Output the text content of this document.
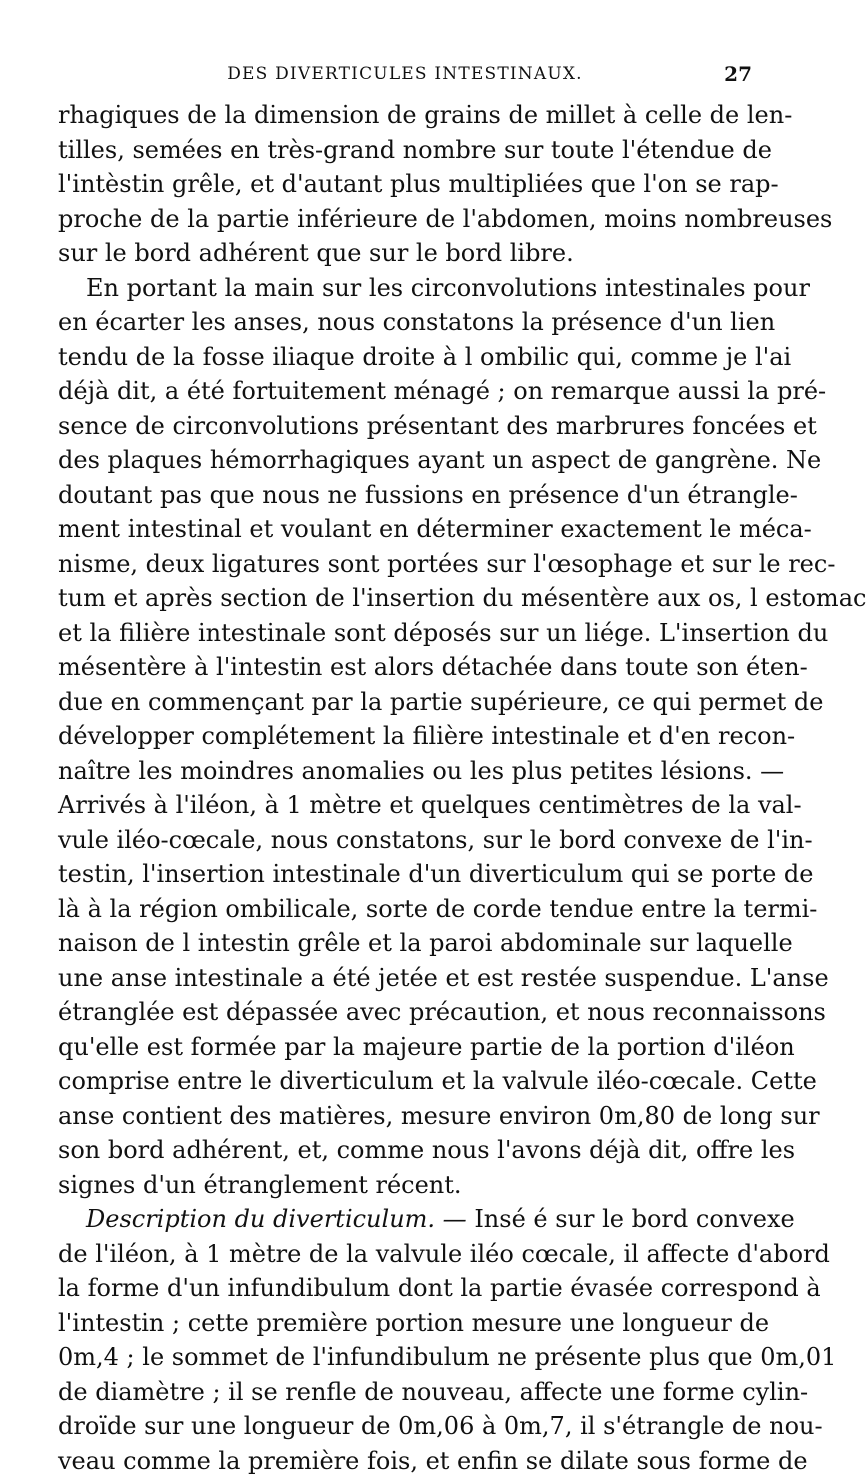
DES DIVERTICULES INTESTINAUX.	27
rhagiques de la dimension de grains de millet à celle de len-
tilles, semées en très-grand nombre sur toute l'étendue de
l'intèstin grêle, et d'autant plus multipliées que l'on se rap-
proche de la partie inférieure de l'abdomen, moins nombreuses
sur le bord adhérent que sur le bord libre.
En portant la main sur les circonvolutions intestinales pour
en écarter les anses, nous constatons la présence d'un lien
tendu de la fosse iliaque droite à l ombilic qui, comme je l'ai
déjà dit, a été fortuitement ménagé ; on remarque aussi la pré-
sence de circonvolutions présentant des marbrures foncées et
des plaques hémorrhagiques ayant un aspect de gangrène. Ne
doutant pas que nous ne fussions en présence d'un étrangle-
ment intestinal et voulant en déterminer exactement le méca-
nisme, deux ligatures sont portées sur l'œsophage et sur le rec-
tum et après section de l'insertion du mésentère aux os, l estomac
et la filière intestinale sont déposés sur un liége. L'insertion du
mésentère à l'intestin est alors détachée dans toute son éten-
due en commençant par la partie supérieure, ce qui permet de
développer complétement la filière intestinale et d'en recon-
naître les moindres anomalies ou les plus petites lésions. —
Arrivés à l'iléon, à 1 mètre et quelques centimètres de la val-
vule iléo-cœcale, nous constatons, sur le bord convexe de l'in-
testin, l'insertion intestinale d'un diverticulum qui se porte de
là à la région ombilicale, sorte de corde tendue entre la termi-
naison de l intestin grêle et la paroi abdominale sur laquelle
une anse intestinale a été jetée et est restée suspendue. L'anse
étranglée est dépassée avec précaution, et nous reconnaissons
qu'elle est formée par la majeure partie de la portion d'iléon
comprise entre le diverticulum et la valvule iléo-cœcale. Cette
anse contient des matières, mesure environ 0m,80 de long sur
son bord adhérent, et, comme nous l'avons déjà dit, offre les
signes d'un étranglement récent.
Description du diverticulum. — Insé é sur le bord convexe
de l'iléon, à 1 mètre de la valvule iléo cœcale, il affecte d'abord
la forme d'un infundibulum dont la partie évasée correspond à
l'intestin ; cette première portion mesure une longueur de
0m,4 ; le sommet de l'infundibulum ne présente plus que 0m,01
de diamètre ; il se renfle de nouveau, affecte une forme cylin-
droïde sur une longueur de 0m,06 à 0m,7, il s'étrangle de nou-
veau comme la première fois, et enfin se dilate sous forme de
